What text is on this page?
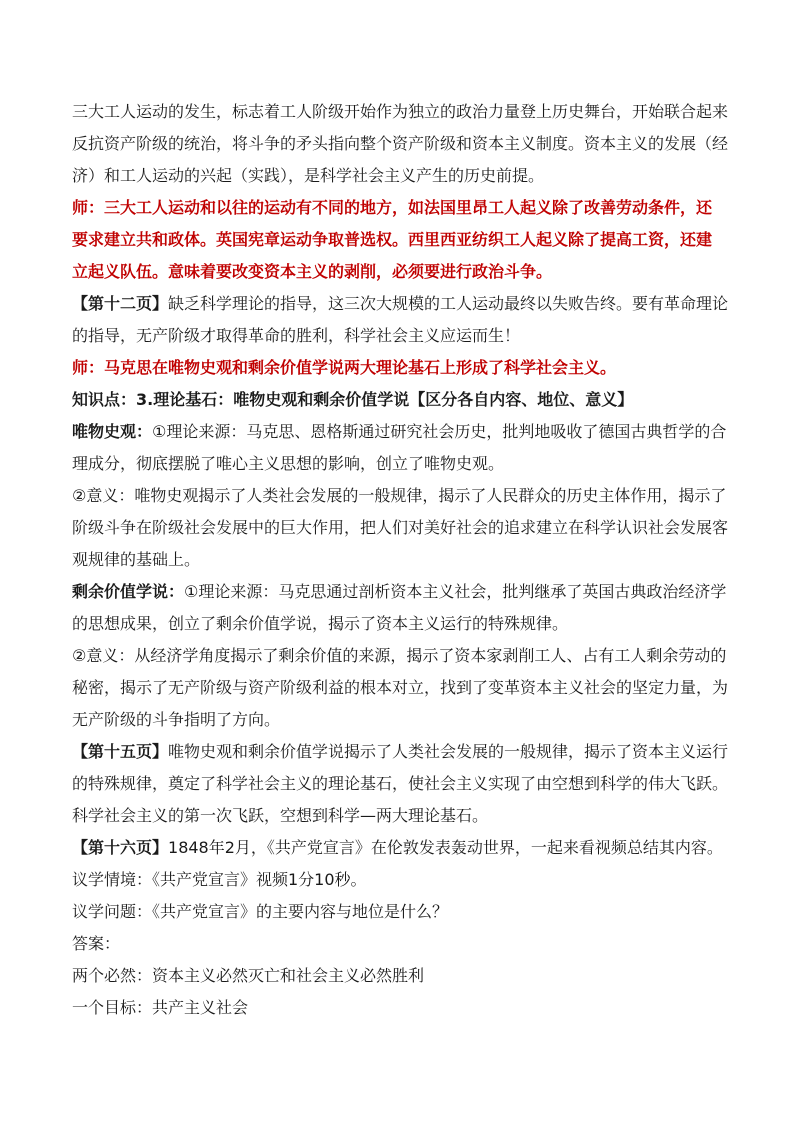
三大工人运动的发生，标志着工人阶级开始作为独立的政治力量登上历史舞台，开始联合起来
反抗资产阶级的统治，将斗争的矛头指向整个资产阶级和资本主义制度。资本主义的发展（经
济）和工人运动的兴起（实践），是科学社会主义产生的历史前提。

师：三大工人运动和以往的运动有不同的地方，如法国里昂工人起义除了改善劳动条件，还
要求建立共和政体。英国宪章运动争取普选权。西里西亚纺织工人起义除了提高工资，还建
立起义队伍。意味着要改变资本主义的剥削，必须要进行政治斗争。

【第十二页】缺乏科学理论的指导，这三次大规模的工人运动最终以失败告终。要有革命理论
的指导，无产阶级才取得革命的胜利，科学社会主义应运而生！

师：马克思在唯物史观和剩余价值学说两大理论基石上形成了科学社会主义。

知识点：3.理论基石：唯物史观和剩余价值学说【区分各自内容、地位、意义】

唯物史观：①理论来源：马克思、恩格斯通过研究社会历史，批判地吸收了德国古典哲学的合
理成分，彻底摆脱了唯心主义思想的影响，创立了唯物史观。

②意义：唯物史观揭示了人类社会发展的一般规律，揭示了人民群众的历史主体作用，揭示了
阶级斗争在阶级社会发展中的巨大作用，把人们对美好社会的追求建立在科学认识社会发展客
观规律的基础上。

剩余价值学说：①理论来源：马克思通过剖析资本主义社会，批判继承了英国古典政治经济学
的思想成果，创立了剩余价值学说，揭示了资本主义运行的特殊规律。

②意义：从经济学角度揭示了剩余价值的来源，揭示了资本家剥削工人、占有工人剩余劳动的
秘密，揭示了无产阶级与资产阶级利益的根本对立，找到了变革资本主义社会的坚定力量，为
无产阶级的斗争指明了方向。

【第十五页】唯物史观和剩余价值学说揭示了人类社会发展的一般规律，揭示了资本主义运行
的特殊规律，奠定了科学社会主义的理论基石，使社会主义实现了由空想到科学的伟大飞跃。
科学社会主义的第一次飞跃，空想到科学—两大理论基石。

【第十六页】1848年2月，《共产党宣言》在伦敦发表轰动世界，一起来看视频总结其内容。

议学情境：《共产党宣言》视频1分10秒。

议学问题：《共产党宣言》的主要内容与地位是什么？

答案：

两个必然：资本主义必然灭亡和社会主义必然胜利

一个目标：共产主义社会
